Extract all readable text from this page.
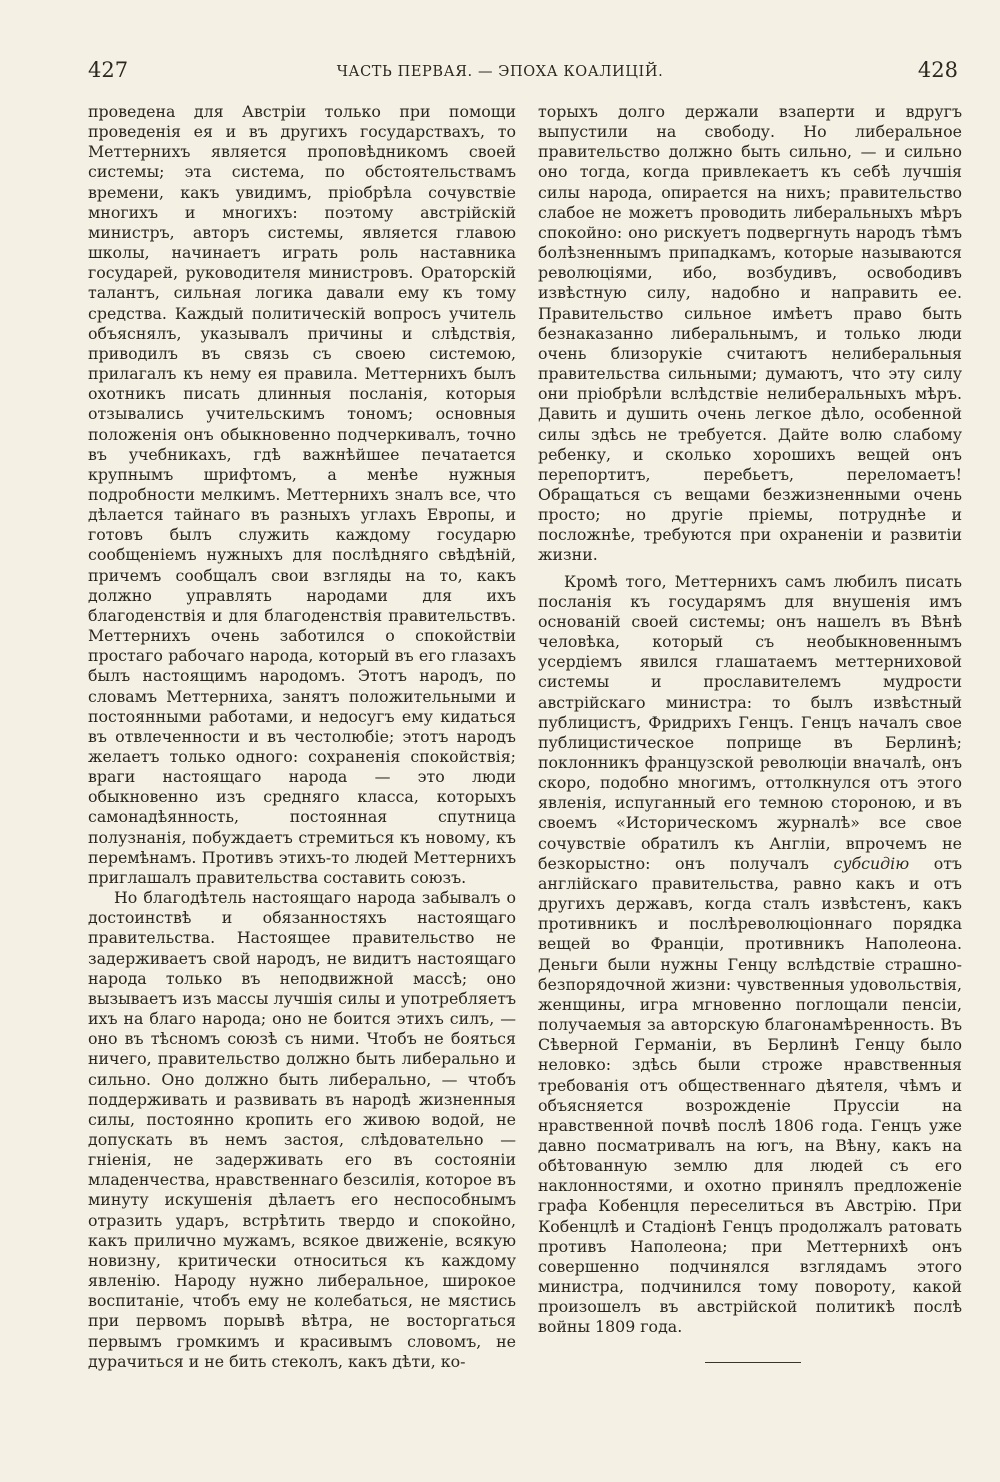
427	ЧАСТЬ ПЕРВАЯ. — ЭПОХА КОАЛИЦІЙ.	428

проведена для Австріи только при помощи проведенія ея и въ другихъ государствахъ, то Меттернихъ является проповѣдникомъ своей системы; эта система, по обстоятельствамъ времени, какъ увидимъ, пріобрѣла сочувствіе многихъ и многихъ: поэтому австрійскій министръ, авторъ системы, является главою школы, начинаетъ играть роль наставника государей, руководителя министровъ. Ораторскій талантъ, сильная логика давали ему къ тому средства. Каждый политическій вопросъ учитель объяснялъ, указывалъ причины и слѣдствія, приводилъ въ связь съ своею системою, прилагалъ къ нему ея правила. Меттернихъ былъ охотникъ писать длинныя посланія, которыя отзывались учительскимъ тономъ; основныя положенія онъ обыкновенно подчеркивалъ, точно въ учебникахъ, гдѣ важнѣйшее печатается крупнымъ шрифтомъ, а менѣе нужныя подробности мелкимъ. Меттернихъ зналъ все, что дѣлается тайнаго въ разныхъ углахъ Европы, и готовъ былъ служить каждому государю сообщеніемъ нужныхъ для послѣдняго свѣдѣній, причемъ сообщалъ свои взгляды на то, какъ должно управлять народами для ихъ благоденствія и для благоденствія правительствъ. Меттернихъ очень заботился о спокойствіи простаго рабочаго народа, который въ его глазахъ былъ настоящимъ народомъ. Этотъ народъ, по словамъ Меттерниха, занятъ положительными и постоянными работами, и недосугъ ему кидаться въ отвлеченности и въ честолюбіе; этотъ народъ желаетъ только одного: сохраненія спокойствія; враги настоящаго народа — это люди обыкновенно изъ средняго класса, которыхъ самонадѣянность, постоянная спутница полузнанія, побуждаетъ стремиться къ новому, къ перемѣнамъ. Противъ этихъ-то людей Меттернихъ приглашалъ правительства составить союзъ.

Но благодѣтель настоящаго народа забывалъ о достоинствѣ и обязанностяхъ настоящаго правительства. Настоящее правительство не задерживаетъ свой народъ, не видитъ настоящаго народа только въ неподвижной массѣ; оно вызываетъ изъ массы лучшія силы и употребляетъ ихъ на благо народа; оно не боится этихъ силъ, — оно въ тѣсномъ союзѣ съ ними. Чтобъ не бояться ничего, правительство должно быть либерально и сильно. Оно должно быть либерально, — чтобъ поддерживать и развивать въ народѣ жизненныя силы, постоянно кропить его живою водой, не допускать въ немъ застоя, слѣдовательно — гніенія, не задерживать его въ состояніи младенчества, нравственнаго безсилія, которое въ минуту искушенія дѣлаетъ его неспособнымъ отразить ударъ, встрѣтить твердо и спокойно, какъ прилично мужамъ, всякое движеніе, всякую новизну, критически относиться къ каждому явленію. Народу нужно либеральное, широкое воспитаніе, чтобъ ему не колебаться, не мястись при первомъ порывѣ вѣтра, не восторгаться первымъ громкимъ и красивымъ словомъ, не дурачиться и не бить стеколъ, какъ дѣти, ко-

торыхъ долго держали взаперти и вдругъ выпустили на свободу. Но либеральное правительство должно быть сильно, — и сильно оно тогда, когда привлекаетъ къ себѣ лучшія силы народа, опирается на нихъ; правительство слабое не можетъ проводить либеральныхъ мѣръ спокойно: оно рискуетъ подвергнуть народъ тѣмъ болѣзненнымъ припадкамъ, которые называются революціями, ибо, возбудивъ, освободивъ извѣстную силу, надобно и направить ее. Правительство сильное имѣетъ право быть безнаказанно либеральнымъ, и только люди очень близорукіе считаютъ нелиберальныя правительства сильными; думаютъ, что эту силу они пріобрѣли вслѣдствіе нелиберальныхъ мѣръ. Давить и душить очень легкое дѣло, особенной силы здѣсь не требуется. Дайте волю слабому ребенку, и сколько хорошихъ вещей онъ перепортитъ, перебьетъ, переломаетъ! Обращаться съ вещами безжизненными очень просто; но другіе пріемы, потруднѣе и посложнѣе, требуются при охраненіи и развитіи жизни.

Кромѣ того, Меттернихъ самъ любилъ писать посланія къ государямъ для внушенія имъ основаній своей системы; онъ нашелъ въ Вѣнѣ человѣка, который съ необыкновеннымъ усердіемъ явился глашатаемъ меттерниховой системы и прославителемъ мудрости австрійскаго министра: то былъ извѣстный публицистъ, Фридрихъ Генцъ. Генцъ началъ свое публицистическое поприще въ Берлинѣ; поклонникъ французской революціи вначалѣ, онъ скоро, подобно многимъ, оттолкнулся отъ этого явленія, испуганный его темною стороною, и въ своемъ «Историческомъ журналѣ» все свое сочувствіе обратилъ къ Англіи, впрочемъ не безкорыстно: онъ получалъ субсидію отъ англійскаго правительства, равно какъ и отъ другихъ державъ, когда сталъ извѣстенъ, какъ противникъ и послѣреволюціоннаго порядка вещей во Франціи, противникъ Наполеона. Деньги были нужны Генцу вслѣдствіе страшно-безпорядочной жизни: чувственныя удовольствія, женщины, игра мгновенно поглощали пенсіи, получаемыя за авторскую благонамѣренность. Въ Сѣверной Германіи, въ Берлинѣ Генцу было неловко: здѣсь были строже нравственныя требованія отъ общественнаго дѣятеля, чѣмъ и объясняется возрожденіе Пруссіи на нравственной почвѣ послѣ 1806 года. Генцъ уже давно посматривалъ на югъ, на Вѣну, какъ на обѣтованную землю для людей съ его наклонностями, и охотно принялъ предложеніе графа Кобенцля переселиться въ Австрію. При Кобенцлѣ и Стадіонѣ Генцъ продолжалъ ратовать противъ Наполеона; при Меттернихѣ онъ совершенно подчинялся взглядамъ этого министра, подчинился тому повороту, какой произошелъ въ австрійской политикѣ послѣ войны 1809 года.
